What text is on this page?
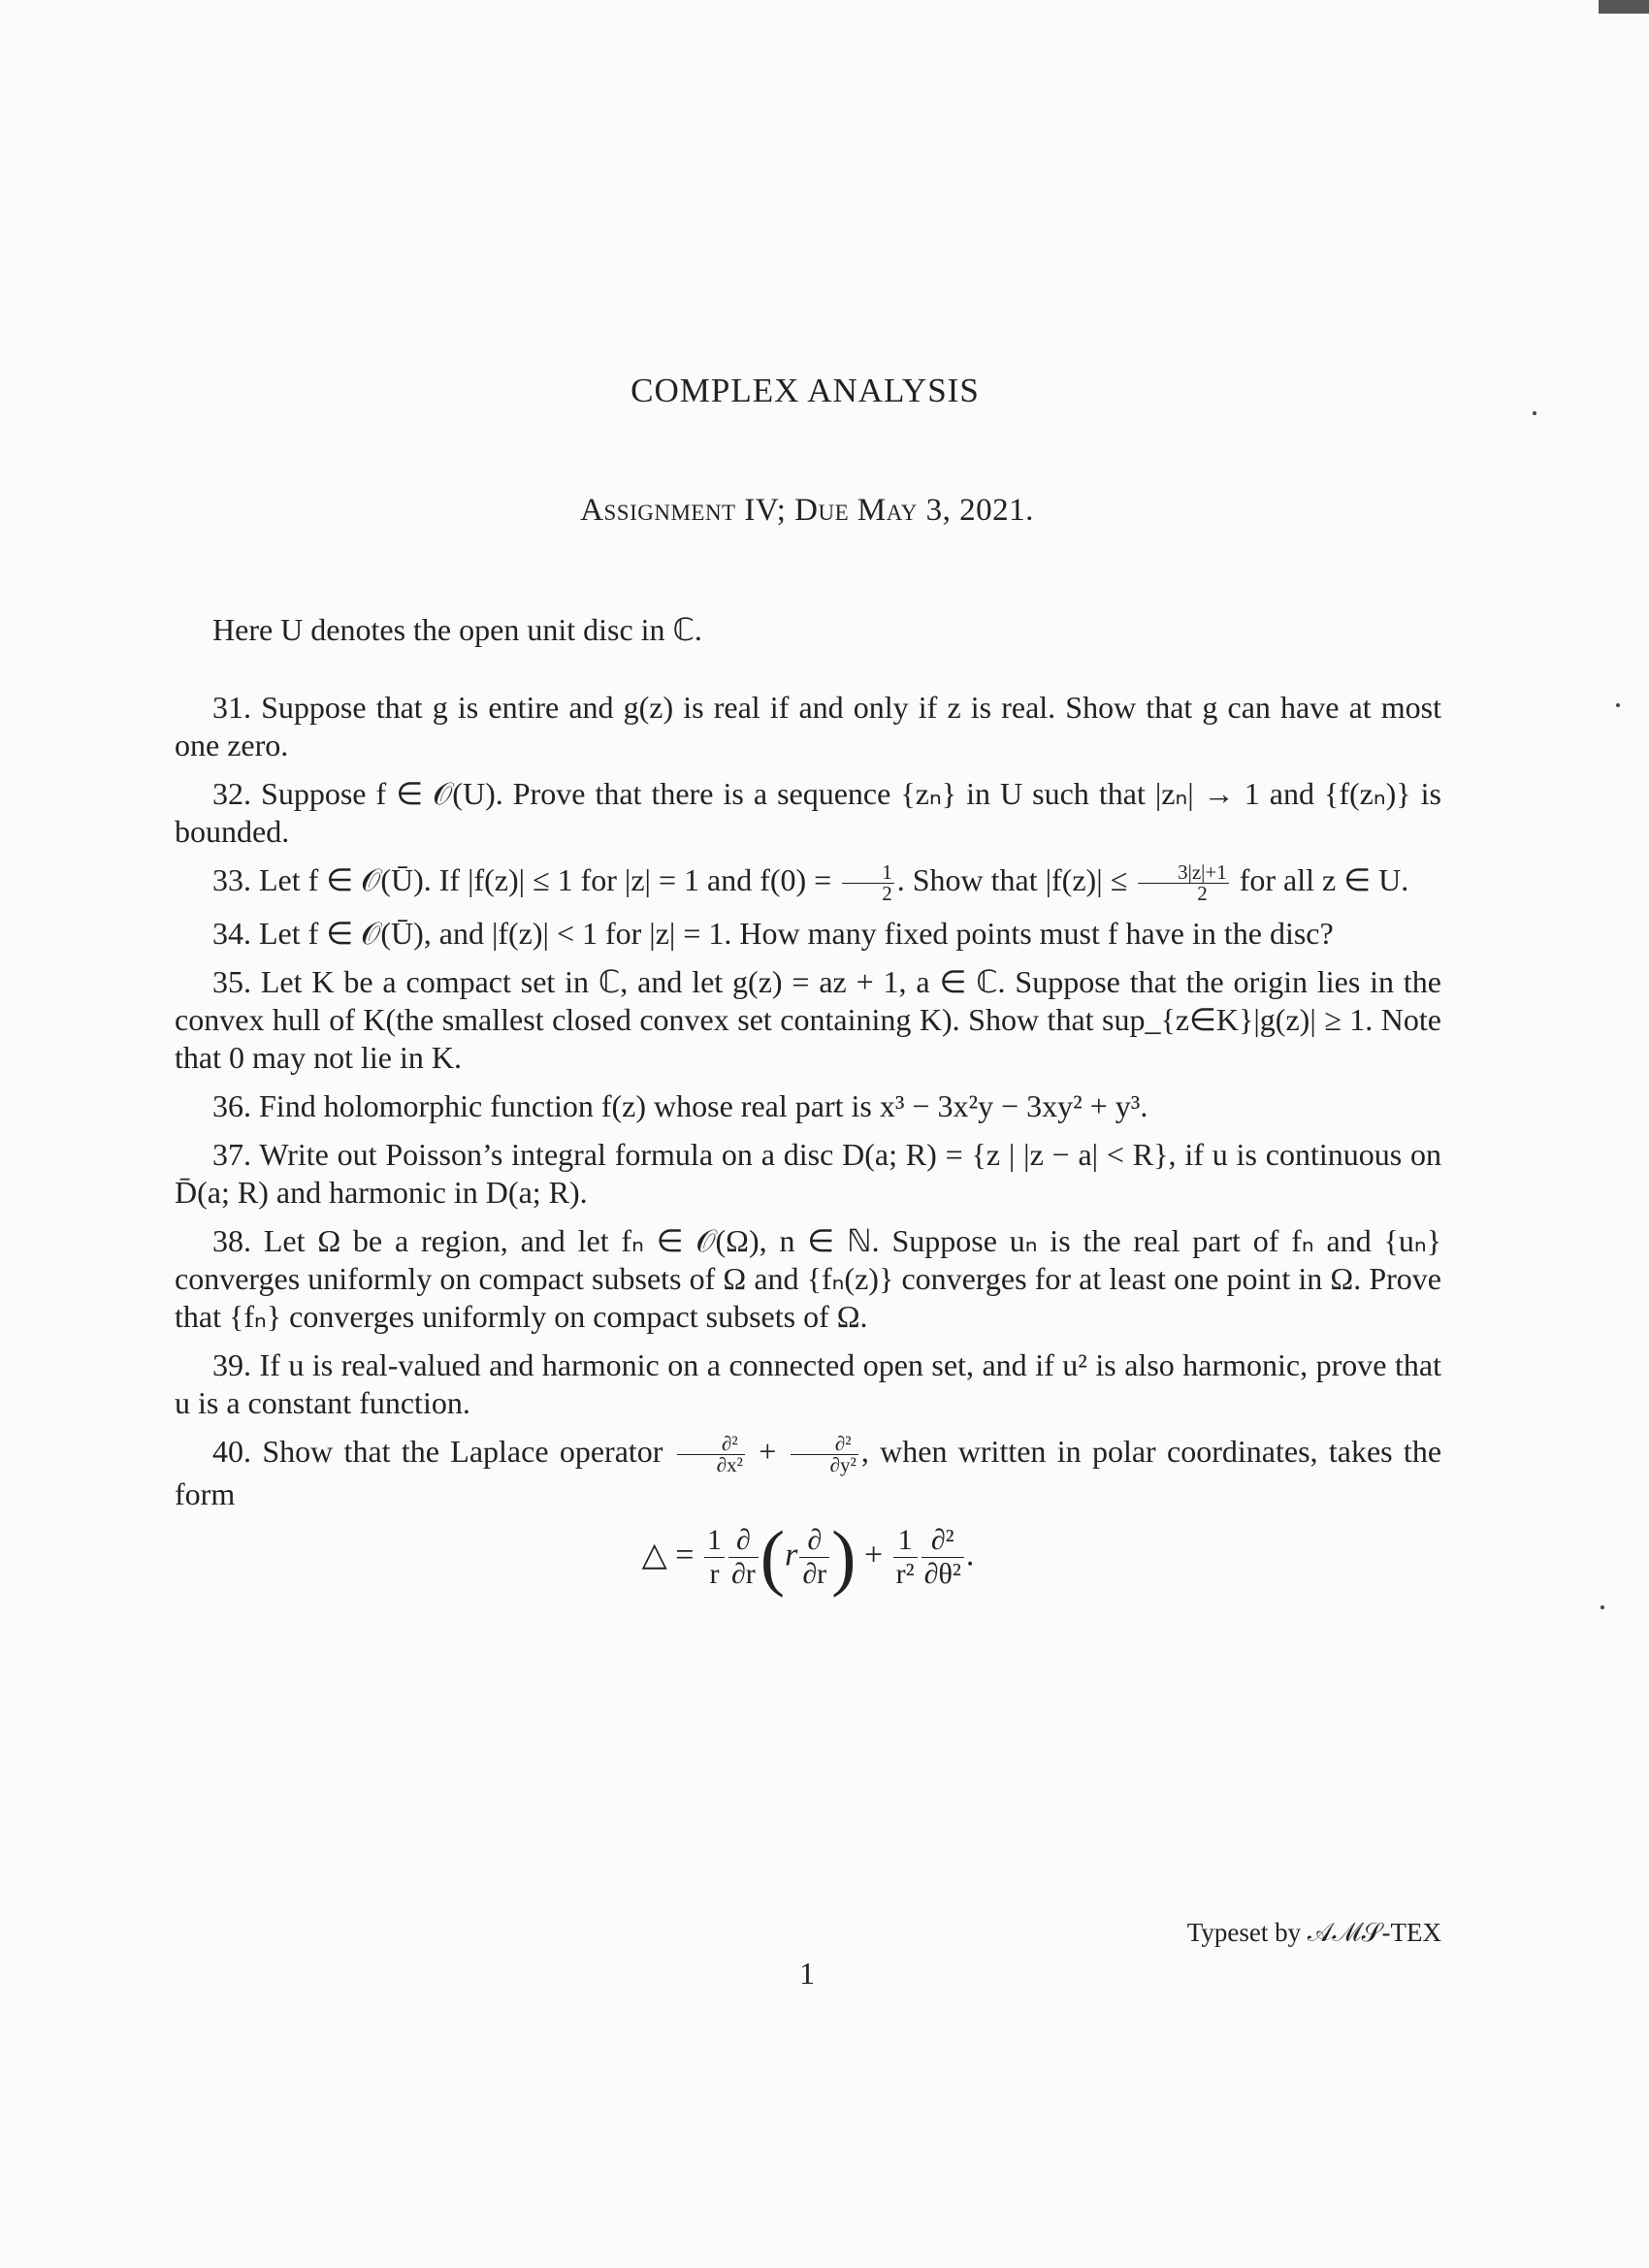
COMPLEX ANALYSIS
Assignment IV; Due May 3, 2021.

Here U denotes the open unit disc in ℂ.

31. Suppose that g is entire and g(z) is real if and only if z is real. Show that g can have at most one zero.

32. Suppose f ∈ 𝒪(U). Prove that there is a sequence {zₙ} in U such that |zₙ| → 1 and {f(zₙ)} is bounded.

33. Let f ∈ 𝒪(Ū). If |f(z)| ≤ 1 for |z| = 1 and $f(0) = \frac{1}{2}$ . Show that $|f(z)| \le \frac{3|z|+1}{2}$ for all z ∈ U.

34. Let f ∈ 𝒪(Ū), and |f(z)| < 1 for |z| = 1. How many fixed points must f have in the disc?

35. Let K be a compact set in ℂ, and let g(z) = az + 1, a ∈ ℂ. Suppose that the origin lies in the convex hull of K(the smallest closed convex set containing K). Show that sup_{z∈K}|g(z)| ≥ 1. Note that 0 may not lie in K.

36. Find holomorphic function f(z) whose real part is x³ − 3x²y − 3xy² + y³.

37. Write out Poisson’s integral formula on a disc D(a; R) = {z | |z − a| < R}, if u is continuous on D̄(a; R) and harmonic in D(a; R).

38. Let Ω be a region, and let fₙ ∈ 𝒪(Ω), n ∈ ℕ. Suppose uₙ is the real part of fₙ and {uₙ} converges uniformly on compact subsets of Ω and {fₙ(z)} converges for at least one point in Ω. Prove that {fₙ} converges uniformly on compact subsets of Ω.

39. If u is real-valued and harmonic on a connected open set, and if u² is also harmonic, prove that u is a constant function.

40. Show that the Laplace operator $\frac{\text{∂²}}{\text{∂x²}} + \frac{\text{∂²}}{\text{∂y²}}$ , when written in polar coordinates, takes the form

△ = $\frac{1}{r} \frac{\partial}{\partial r} (r \frac{\partial}{\partial r}$ ) + $\frac{1}{\text{r²}} \frac{\text{∂²}}{\text{∂θ²}}$ .
Typeset by 𝒜ℳ𝒮-TEX
1
